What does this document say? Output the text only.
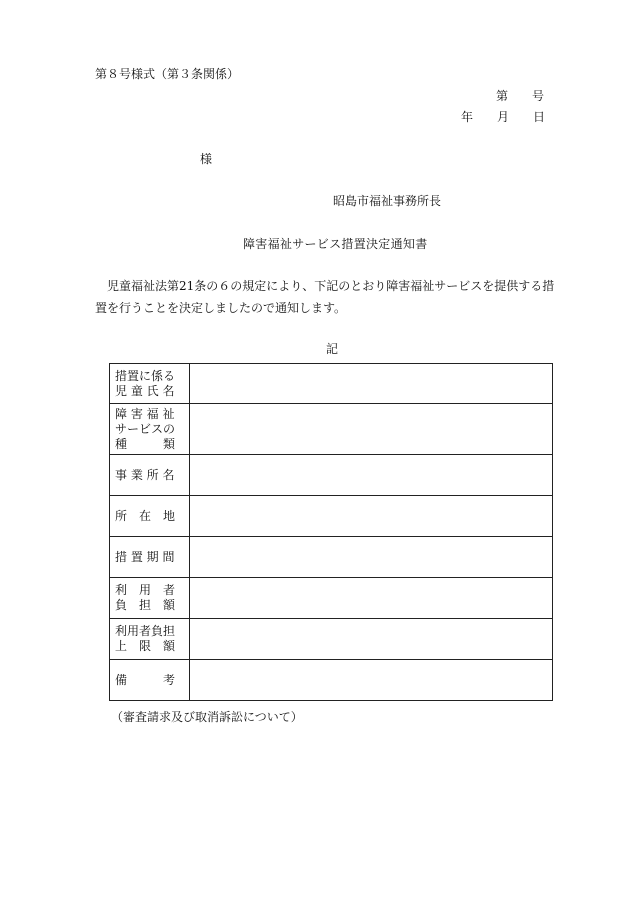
第８号様式（第３条関係）
第 号
年 月 日
様
昭島市福祉事務所長
障害福祉サービス措置決定通知書
児童福祉法第21条の６の規定により、下記のとおり障害福祉サービスを提供する措置を行うことを決定しましたので通知します。
記
措置に係る
児 童 氏 名	

障 害 福 祉
サービスの
種　　　類	

事 業 所 名	

所　在　地	

措 置 期 間	

利　用　者
負　担　額	

利用者負担
上　限　額	

備　　　考	

（審査請求及び取消訴訟について）
